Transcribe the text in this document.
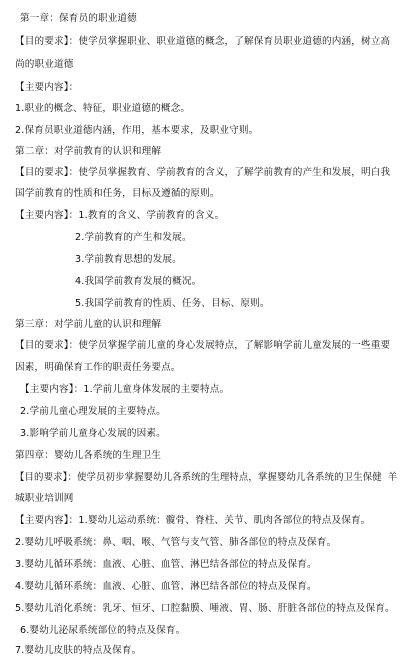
第一章：保育员的职业道德
【目的要求】：使学员掌握职业、职业道德的概念，了解保育员职业道德的内涵，树立高
尚的职业道德
【主要内容】：
1.职业的概念、特征，职业道德的概念。
2.保育员职业道德内涵，作用，基本要求，及职业守则。
第二章：对学前教育的认识和理解
【目的要求】：使学员掌握教育、学前教育的含义，了解学前教育的产生和发展，明白我
国学前教育的性质和任务，目标及遵循的原则。
【主要内容】：1.教育的含义、学前教育的含义。
2.学前教育的产生和发展。
3.学前教育思想的发展。
4.我国学前教育发展的概况。
5.我国学前教育的性质、任务、目标、原则。
第三章：对学前儿童的认识和理解
【目的要求】：使学员掌握学前儿童的身心发展特点，了解影响学前儿童发展的一些重要
因素，明确保育工作的职责任务要点。
【主要内容】：1.学前儿童身体发展的主要特点。
2.学前儿童心理发展的主要特点。
3.影响学前儿童身心发展的因素。
第四章：婴幼儿各系统的生理卫生
【目的要求】：使学员初步掌握婴幼儿各系统的生理特点，掌握婴幼儿各系统的卫生保健 羊
城职业培训网
【主要内容】：1.婴幼儿运动系统：髋骨、脊柱、关节、肌肉各部位的特点及保育。
2.婴幼儿呼吸系统：鼻、咽、喉、气管与支气管、肺各部位的特点及保育。
3.婴幼儿循环系统：血液、心脏、血管、淋巴结各部位的特点及保育。
4.婴幼儿循环系统：血液、心脏、血管、淋巴结各部位的特点及保育。
5.婴幼儿消化系统：乳牙、恒牙、口腔黏膜、唾液、胃、肠、肝脏各部位的特点及保育。
6.婴幼儿泌尿系统部位的特点及保育。
7.婴幼儿皮肤的特点及保育。
